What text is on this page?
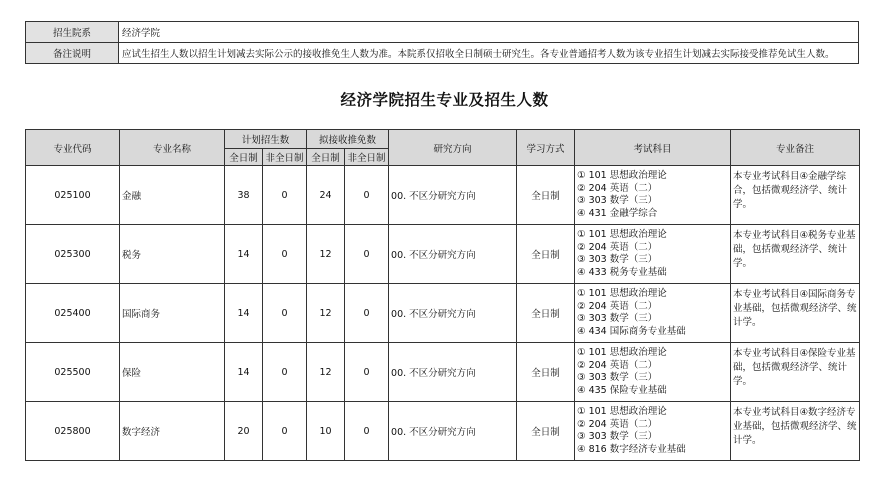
招生院系	经济学院
备注说明	应试生招生人数以招生计划减去实际公示的接收推免生人数为准。本院系仅招收全日制硕士研究生。各专业普通招考人数为该专业招生计划减去实际接受推荐免试生人数。
经济学院招生专业及招生人数
专业代码	专业名称	计划招生数		拟接收推免数		研究方向	学习方式	考试科目	专业备注
		全日制	非全日制	全日制	非全日制				
025100	金融	38	0	24	0	00. 不区分研究方向	全日制	① 101 思想政治理论
② 204 英语（二）
③ 303 数学（三）
④ 431 金融学综合	本专业考试科目④金融学综合，包括微观经济学、统计学。
025300	税务	14	0	12	0	00. 不区分研究方向	全日制	① 101 思想政治理论
② 204 英语（二）
③ 303 数学（三）
④ 433 税务专业基础	本专业考试科目④税务专业基础，包括微观经济学、统计学。
025400	国际商务	14	0	12	0	00. 不区分研究方向	全日制	① 101 思想政治理论
② 204 英语（二）
③ 303 数学（三）
④ 434 国际商务专业基础	本专业考试科目④国际商务专业基础，包括微观经济学、统计学。
025500	保险	14	0	12	0	00. 不区分研究方向	全日制	① 101 思想政治理论
② 204 英语（二）
③ 303 数学（三）
④ 435 保险专业基础	本专业考试科目④保险专业基础，包括微观经济学、统计学。
025800	数字经济	20	0	10	0	00. 不区分研究方向	全日制	① 101 思想政治理论
② 204 英语（二）
③ 303 数学（三）
④ 816 数字经济专业基础	本专业考试科目④数字经济专业基础，包括微观经济学、统计学。
